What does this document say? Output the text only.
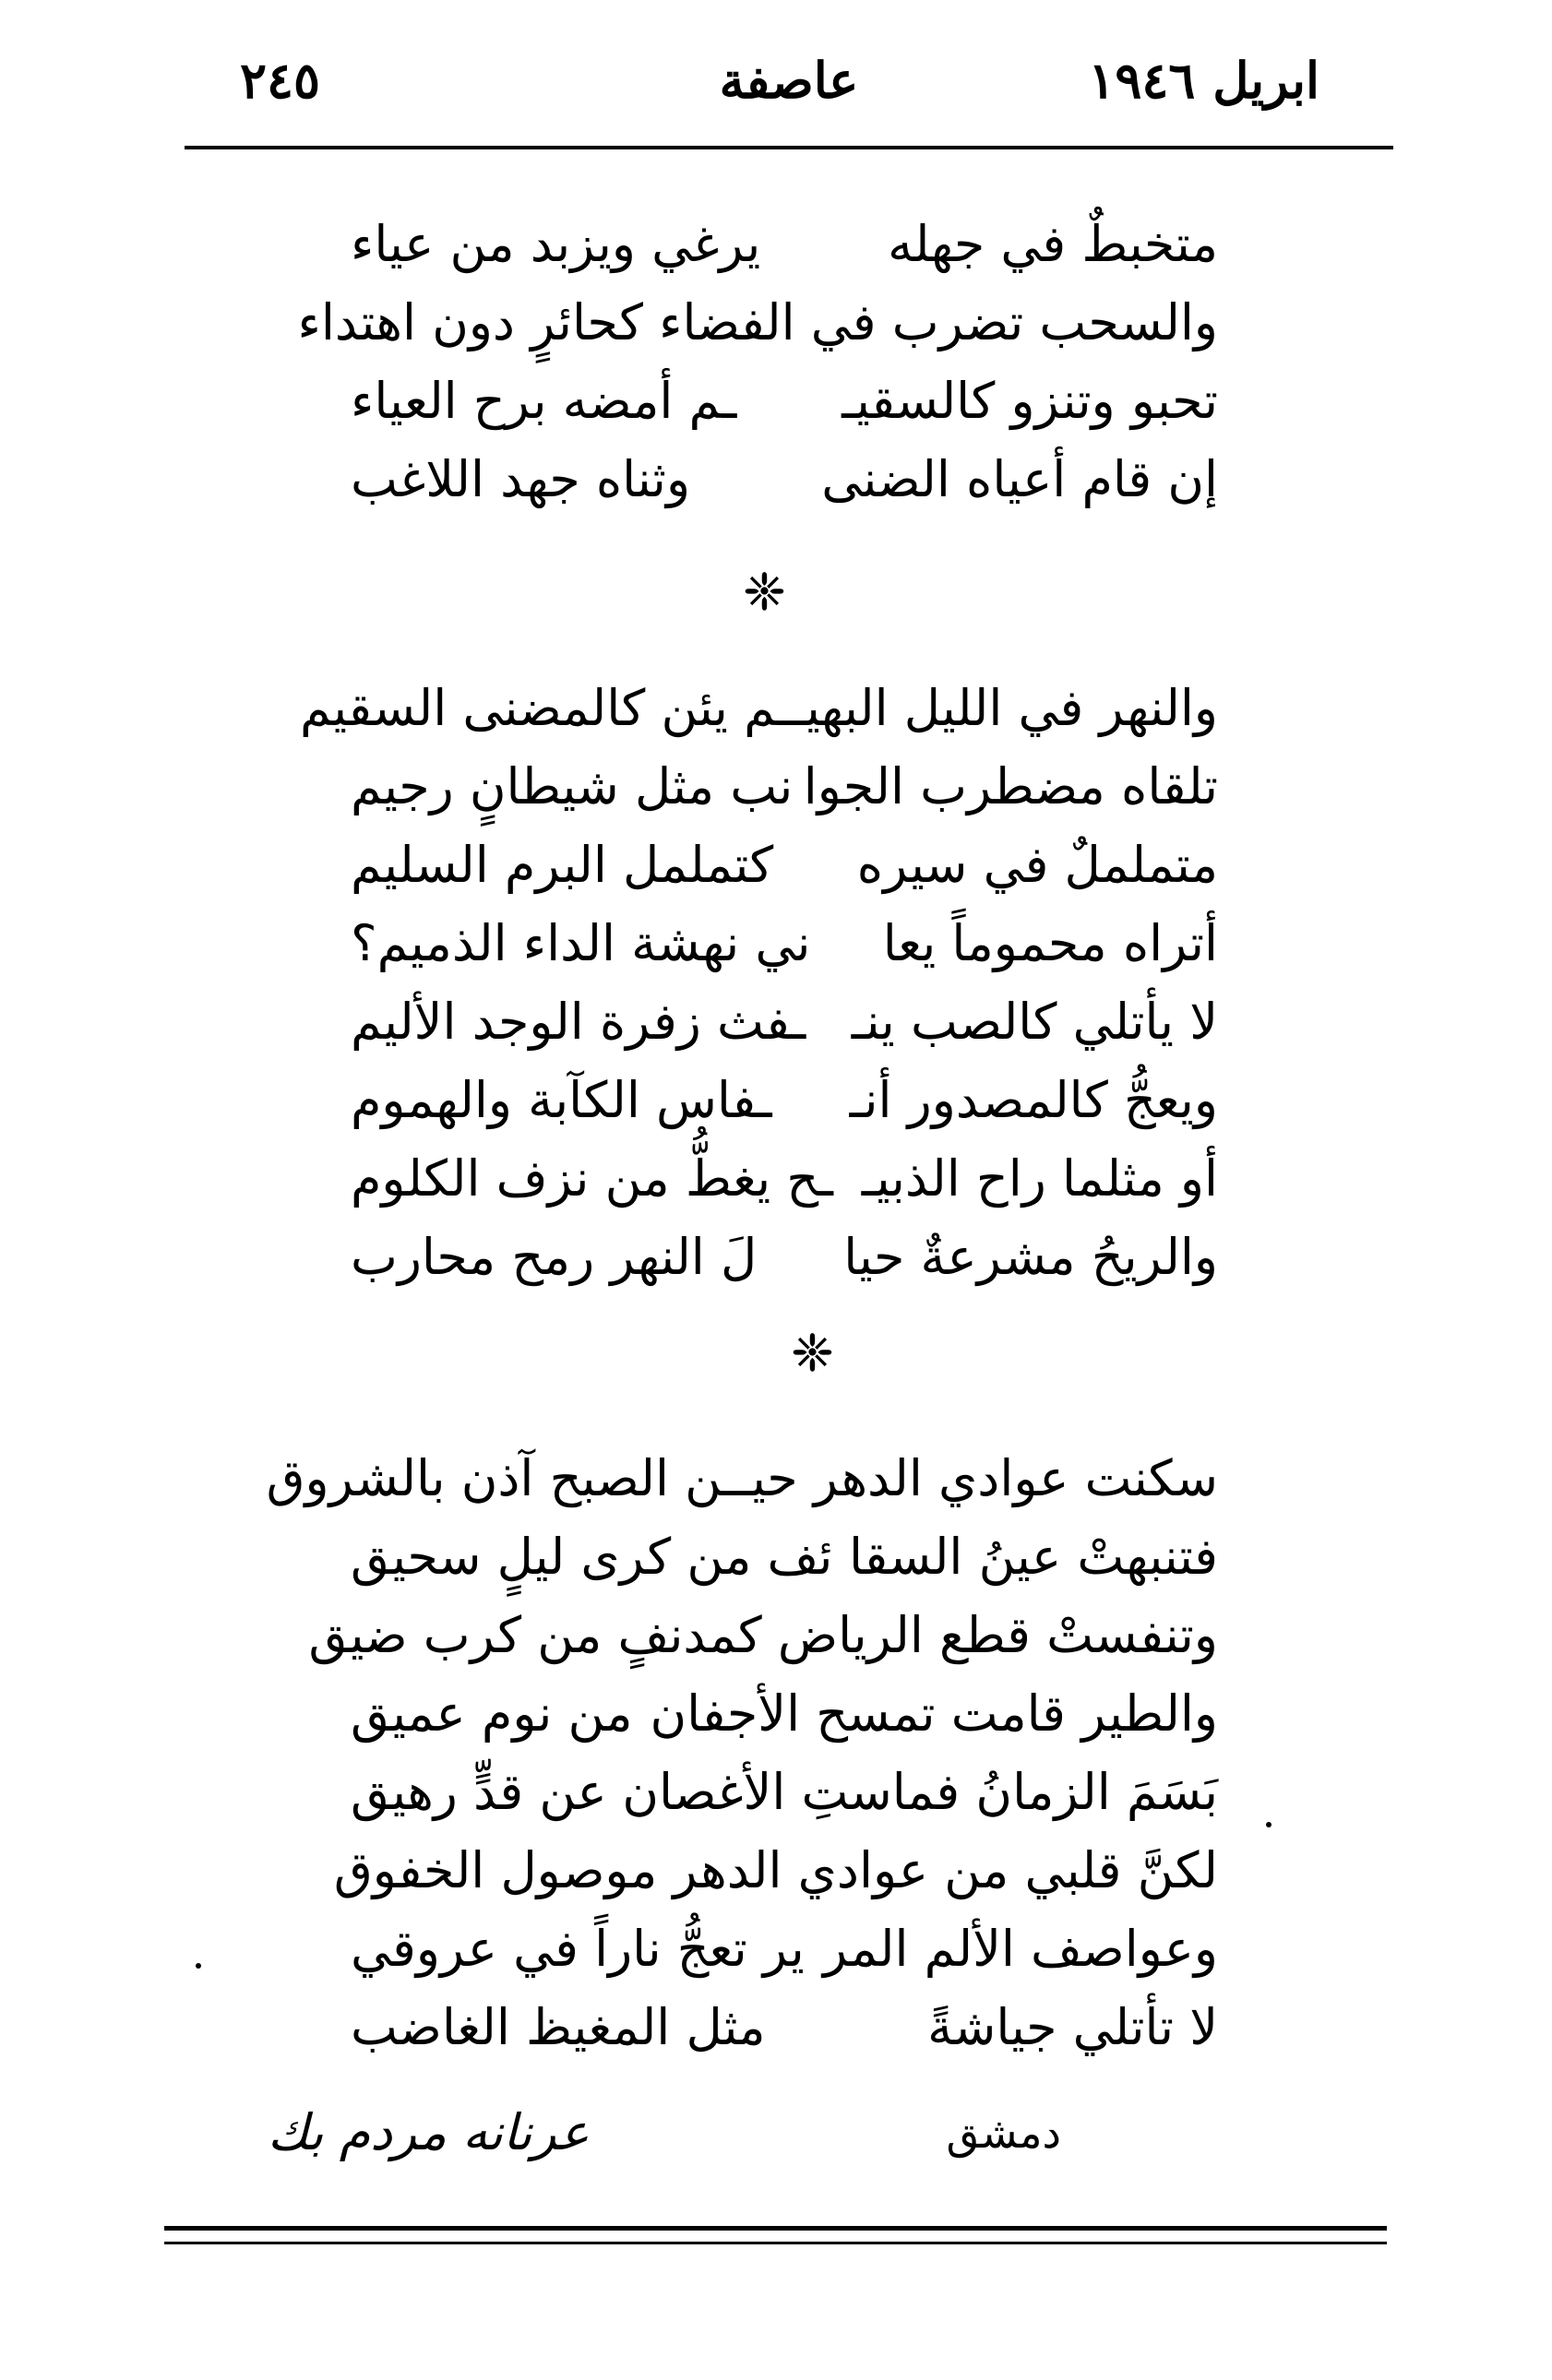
ابريل ١٩٤٦
عاصفة
٢٤٥
متخبطٌ في جهله
يرغي ويزبد من عياء
والسحب تضرب في الفضا
ء كحائرٍ دون اهتداء
تحبو وتنزو كالسقيـ
ـم أمضه برح العياء
إن قام أعياه الضنى
وثناه جهد اللاغب
❈
والنهر في الليل البهيـ
ـم يئن كالمضنى السقيم
تلقاه مضطرب الجوا
نب مثل شيطانٍ رجيم
متململٌ في سيره
كتململ البرم السليم
أتراه محموماً يعا
ني نهشة الداء الذميم؟
لا يأتلي كالصب ينـ
ـفث زفرة الوجد الأليم
ويعجُّ كالمصدور أنـ
ـفاس الكآبة والهموم
أو مثلما راح الذبيـ
ـح يغطُّ من نزف الكلوم
والريحُ مشرعةٌ حيا
لَ النهر رمح محارب
❈
سكنت عوادي الدهر حيـ
ـن الصبح آذن بالشروق
فتنبهتْ عينُ السقا
ئف من كرى ليلٍ سحيق
وتنفستْ قطع الريا
ض كمدنفٍ من كرب ضيق
والطير قامت تمسح الأجفان
من نوم عميق
بَسَمَ الزمانُ فماستِ الأغصان
عن قدٍّ رهيق
لكنَّ قلبي من عوا
دي الدهر موصول الخفوق
وعواصف الألم المر
ير تعجُّ ناراً في عروقي
لا تأتلي جياشةً
مثل المغيظ الغاضب
دمشق
عرنانه مردم بك
